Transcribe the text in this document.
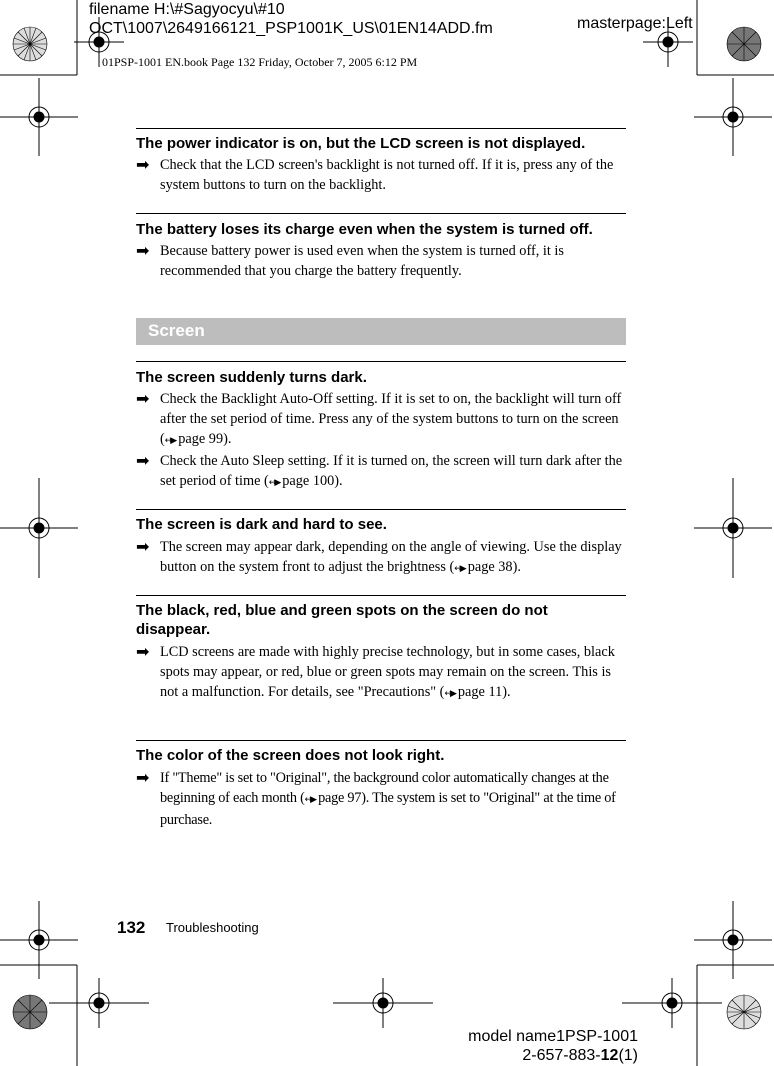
filename H:\#Sagyocyu\#10
OCT\1007\2649166121_PSP1001K_US\01EN14ADD.fm	masterpage:Left
01PSP-1001 EN.book Page 132 Friday, October 7, 2005 6:12 PM
The power indicator is on, but the LCD screen is not displayed.
➡ Check that the LCD screen's backlight is not turned off. If it is, press any of the system buttons to turn on the backlight.
The battery loses its charge even when the system is turned off.
➡ Because battery power is used even when the system is turned off, it is recommended that you charge the battery frequently.
Screen
The screen suddenly turns dark.
➡ Check the Backlight Auto-Off setting. If it is set to on, the backlight will turn off after the set period of time. Press any of the system buttons to turn on the screen (↔▶ page 99).
➡ Check the Auto Sleep setting. If it is turned on, the screen will turn dark after the set period of time (↔▶ page 100).
The screen is dark and hard to see.
➡ The screen may appear dark, depending on the angle of viewing. Use the display button on the system front to adjust the brightness (↔▶ page 38).
The black, red, blue and green spots on the screen do not disappear.
➡ LCD screens are made with highly precise technology, but in some cases, black spots may appear, or red, blue or green spots may remain on the screen. This is not a malfunction. For details, see "Precautions" (↔▶ page 11).
The color of the screen does not look right.
➡ If "Theme" is set to "Original", the background color automatically changes at the beginning of each month (↔▶ page 97). The system is set to "Original" at the time of purchase.
132 Troubleshooting
model name1PSP-1001
2-657-883-12(1)
